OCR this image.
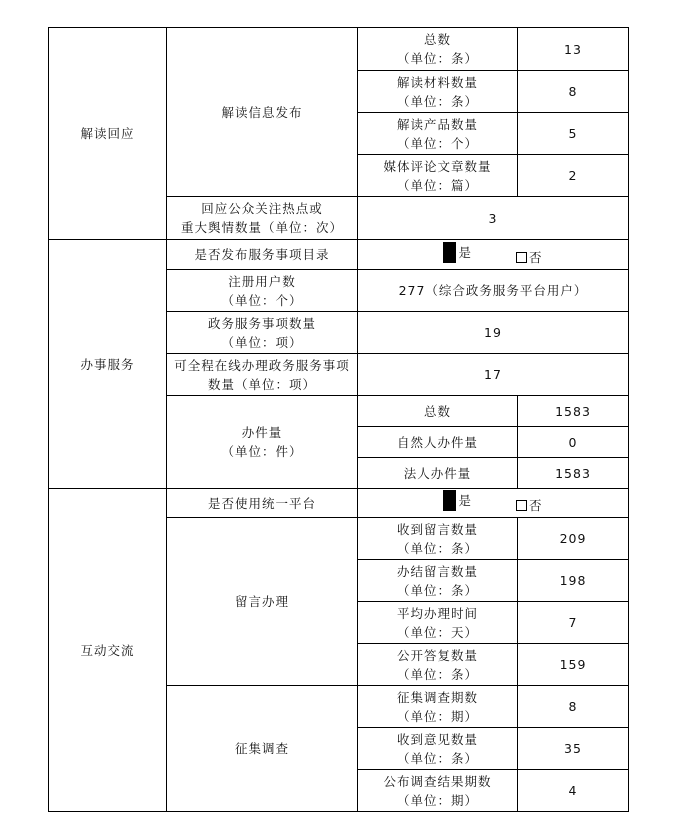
解读回应	解读信息发布	总数
（单位：条）	13

		解读材料数量
（单位：条）	8

		解读产品数量
（单位：个）	5

		媒体评论文章数量
（单位：篇）	2

	回应公众关注热点或
重大舆情数量（单位：次）	3	
办事服务	是否发布服务事项目录	是 否	

	注册用户数
（单位：个）	277（综合政务服务平台用户）	

	政务服务事项数量
（单位：项）	19	

	可全程在线办理政务服务事项
数量（单位：项）	17	

	办件量
（单位：件）	总数	1583
		自然人办件量	0
		法人办件量	1583
互动交流	是否使用统一平台	是 否	

	留言办理	收到留言数量
（单位：条）	209

		办结留言数量
（单位：条）	198

		平均办理时间
（单位：天）	7

		公开答复数量
（单位：条）	159
	征集调查	征集调查期数
（单位：期）	8

		收到意见数量
（单位：条）	35

		公布调查结果期数
（单位：期）	4
